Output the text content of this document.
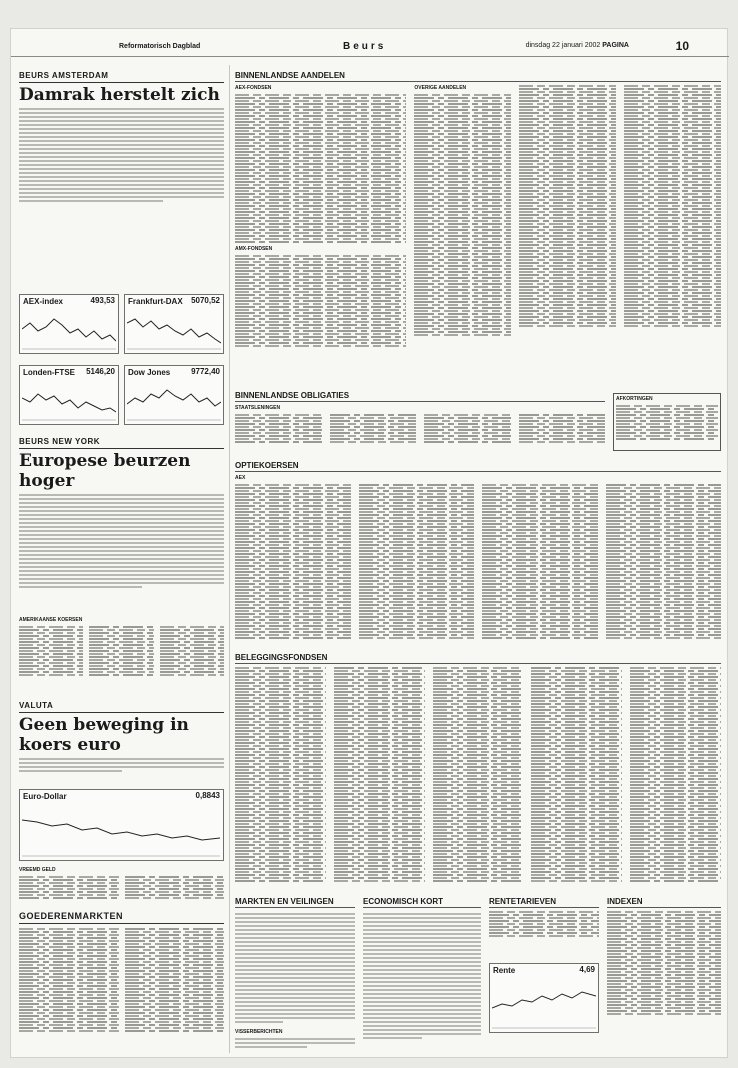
Reformatorisch Dagblad	Beurs	dinsdag 22 januari 2002 PAGINA	10
BEURS AMSTERDAM
Damrak herstelt zich
AEX-index	493,53 Frankfurt-DAX 5070,52
Londen-FTSE 5146,20 Dow Jones	9772,40
BEURS NEW YORK
Europese beurzen hoger
AMERIKAANSE KOERSEN
VALUTA
Geen beweging in koers euro
Euro-Dollar	0,8843
VREEMD GELD
GOEDERENMARKTEN
BINNENLANDSE AANDELEN
AEX-FONDSEN
AMX-FONDSEN
OVERIGE AANDELEN
BINNENLANDSE OBLIGATIES
STAATSLENINGEN
AFKORTINGEN
OPTIEKOERSEN
AEX
BELEGGINGSFONDSEN
MARKTEN EN VEILINGEN
VISSERBERICHTEN
ECONOMISCH KORT	RENTETARIEVEN
Rente	4,69
INDEXEN
